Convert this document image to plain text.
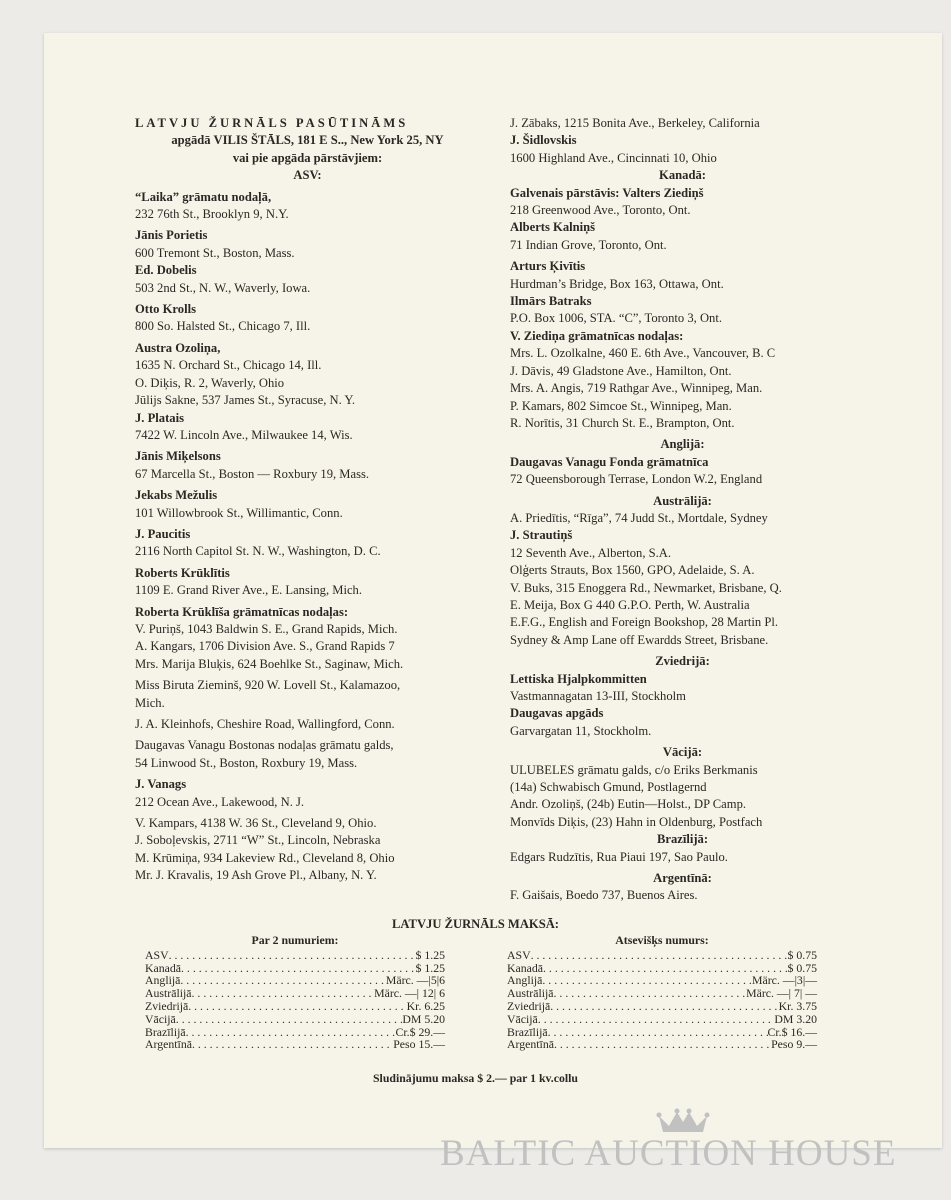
LATVJU ŽURNĀLS PASŪTINĀMS
apgādā VILIS ŠTĀLS, 181 E S.., New York 25, NY
vai pie apgāda pārstāvjiem:
ASV:
“Laika” grāmatu nodaļā,
232 76th St., Brooklyn 9, N.Y.
Jānis Porietis
600 Tremont St., Boston, Mass.
Ed. Dobelis
503 2nd St., N. W., Waverly, Iowa.
Otto Krolls
800 So. Halsted St., Chicago 7, Ill.
Austra Ozoliņa,
1635 N. Orchard St., Chicago 14, Ill.
O. Diķis, R. 2, Waverly, Ohio
Jūlijs Sakne, 537 James St., Syracuse, N. Y.
J. Platais
7422 W. Lincoln Ave., Milwaukee 14, Wis.
Jānis Miķelsons
67 Marcella St., Boston — Roxbury 19, Mass.
Jekabs Mežulis
101 Willowbrook St., Willimantic, Conn.
J. Paucitis
2116 North Capitol St. N. W., Washington, D. C.
Roberts Krūklītis
1109 E. Grand River Ave., E. Lansing, Mich.
Roberta Krūklīša grāmatnīcas nodaļas:
V. Puriņš, 1043 Baldwin S. E., Grand Rapids, Mich.
A. Kangars, 1706 Division Ave. S., Grand Rapids 7
Mrs. Marija Bluķis, 624 Boehlke St., Saginaw, Mich.
Miss Biruta Zieminš, 920 W. Lovell St., Kalamazoo,
Mich.
J. A. Kleinhofs, Cheshire Road, Wallingford, Conn.
Daugavas Vanagu Bostonas nodaļas grāmatu galds,
54 Linwood St., Boston, Roxbury 19, Mass.
J. Vanags
212 Ocean Ave., Lakewood, N. J.
V. Kampars, 4138 W. 36 St., Cleveland 9, Ohio.
J. Soboļevskis, 2711 “W” St., Lincoln, Nebraska
M. Krūmiņa, 934 Lakeview Rd., Cleveland 8, Ohio
Mr. J. Kravalis, 19 Ash Grove Pl., Albany, N. Y.
J. Zābaks, 1215 Bonita Ave., Berkeley, California
J. Šidlovskis
1600 Highland Ave., Cincinnati 10, Ohio
Kanadā:
Galvenais pārstāvis: Valters Ziediņš
218 Greenwood Ave., Toronto, Ont.
Alberts Kalniņš
71 Indian Grove, Toronto, Ont.
Arturs Ķivītis
Hurdman’s Bridge, Box 163, Ottawa, Ont.
Ilmārs Batraks
P.O. Box 1006, STA. “C”, Toronto 3, Ont.
V. Ziediņa grāmatnīcas nodaļas:
Mrs. L. Ozolkalne, 460 E. 6th Ave., Vancouver, B. C
J. Dāvis, 49 Gladstone Ave., Hamilton, Ont.
Mrs. A. Angis, 719 Rathgar Ave., Winnipeg, Man.
P. Kamars, 802 Simcoe St., Winnipeg, Man.
R. Norītis, 31 Church St. E., Brampton, Ont.
Anglijā:
Daugavas Vanagu Fonda grāmatnīca
72 Queensborough Terrase, London W.2, England
Austrālijā:
A. Priedītis, “Rīga”, 74 Judd St., Mortdale, Sydney
J. Strautiņš
12 Seventh Ave., Alberton, S.A.
Olģerts Strauts, Box 1560, GPO, Adelaide, S. A.
V. Buks, 315 Enoggera Rd., Newmarket, Brisbane, Q.
E. Meija, Box G 440 G.P.O. Perth, W. Australia
E.F.G., English and Foreign Bookshop, 28 Martin Pl.
Sydney & Amp Lane off Ewardds Street, Brisbane.
Zviedrijā:
Lettiska Hjalpkommitten
Vastmannagatan 13-III, Stockholm
Daugavas apgāds
Garvargatan 11, Stockholm.
Vācijā:
ULUBELES grāmatu galds, c/o Eriks Berkmanis
(14a) Schwabisch Gmund, Postlagernd
Andr. Ozoliņš, (24b) Eutin—Holst., DP Camp.
Monvīds Diķis, (23) Hahn in Oldenburg, Postfach
Brazīlijā:
Edgars Rudzītis, Rua Piaui 197, Sao Paulo.
Argentīnā:
F. Gaišais, Boedo 737, Buenos Aires.
LATVJU ŽURNĀLS MAKSĀ:
Par 2 numuriem:
ASV . . .	$ 1.25
Kanadā . . .	$ 1.25
Anglijā . . .	Märc. —|5|6
Austrālijā . . .	Märc. —| 12| 6
Zviedrijā . . .	Kr. 6.25
Vācijā . . .	DM 5.20
Brazīlijā . . .	Cr.$ 29.—
Argentīnā . . .	Peso 15.—
Atsevišķs numurs:
ASV . . .	$ 0.75
Kanadā . . .	$ 0.75
Anglijā . . .	Märc. —|3|—
Austrālijā . . .	Märc. —| 7| —
Zviedrijā . . .	Kr. 3.75
Vācijā . . .	DM 3.20
Brazīlijā . . .	Cr.$ 16.—
Argentīnā . . .	Peso 9.—
Sludinājumu maksa $ 2.— par 1 kv.collu
BALTIC AUCTION HOUSE
